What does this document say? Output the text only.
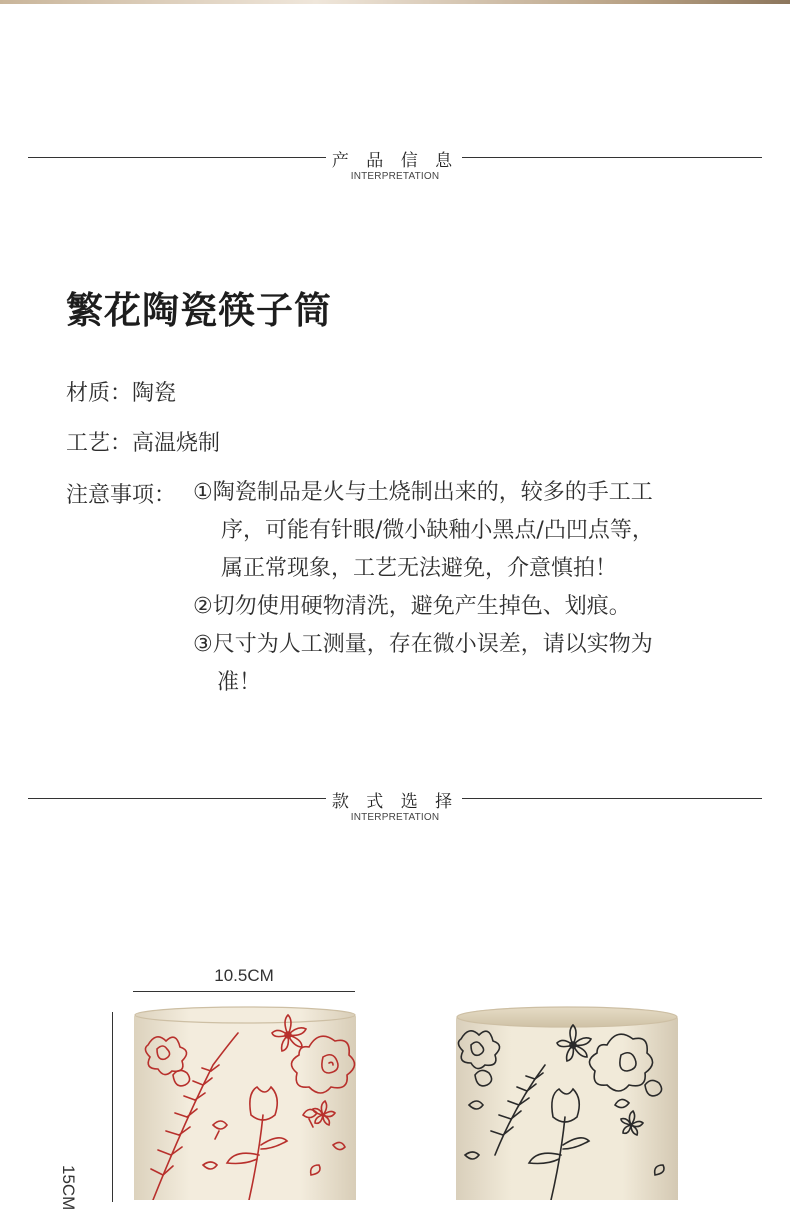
产 品 信 息
INTERPRETATION
繁花陶瓷筷子筒
材质：陶瓷
工艺：高温烧制
注意事项： ①陶瓷制品是火与土烧制出来的，较多的手工工
序，可能有针眼/微小缺釉小黑点/凸凹点等，
属正常现象，工艺无法避免，介意慎拍！
②切勿使用硬物清洗，避免产生掉色、划痕。
③尺寸为人工测量，存在微小误差，请以实物为
准！
款 式 选 择
INTERPRETATION
10.5CM
15CM
